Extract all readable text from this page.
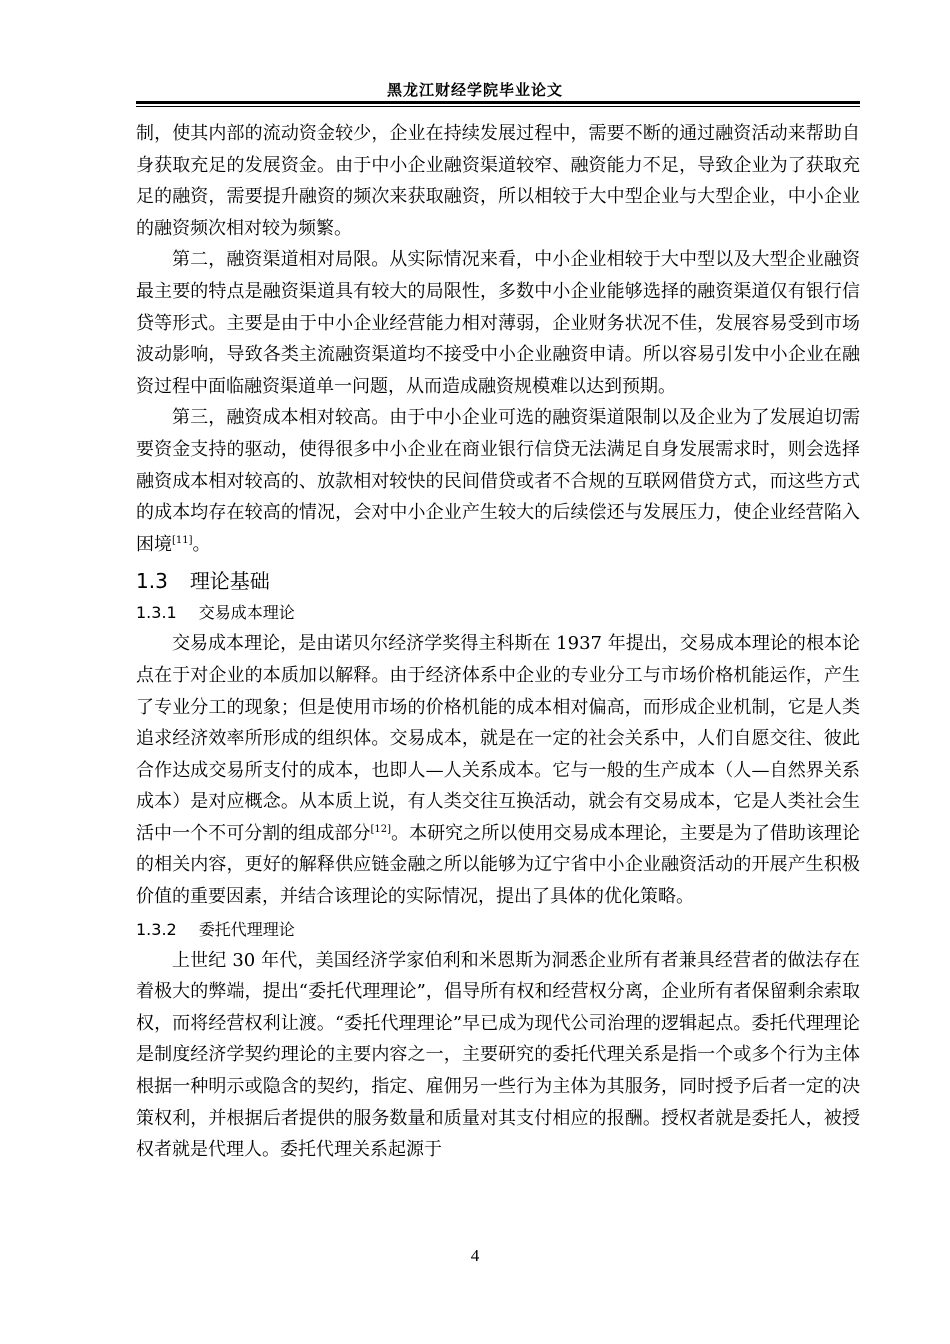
黑龙江财经学院毕业论文

制，使其内部的流动资金较少，企业在持续发展过程中，需要不断的通过融资活动来帮助自身获取充足的发展资金。由于中小企业融资渠道较窄、融资能力不足，导致企业为了获取充足的融资，需要提升融资的频次来获取融资，所以相较于大中型企业与大型企业，中小企业的融资频次相对较为频繁。

第二，融资渠道相对局限。从实际情况来看，中小企业相较于大中型以及大型企业融资最主要的特点是融资渠道具有较大的局限性，多数中小企业能够选择的融资渠道仅有银行信贷等形式。主要是由于中小企业经营能力相对薄弱，企业财务状况不佳，发展容易受到市场波动影响，导致各类主流融资渠道均不接受中小企业融资申请。所以容易引发中小企业在融资过程中面临融资渠道单一问题，从而造成融资规模难以达到预期。

第三，融资成本相对较高。由于中小企业可选的融资渠道限制以及企业为了发展迫切需要资金支持的驱动，使得很多中小企业在商业银行信贷无法满足自身发展需求时，则会选择融资成本相对较高的、放款相对较快的民间借贷或者不合规的互联网借贷方式，而这些方式的成本均存在较高的情况，会对中小企业产生较大的后续偿还与发展压力，使企业经营陷入困境[11]。

1.3 理论基础
1.3.1 交易成本理论

交易成本理论，是由诺贝尔经济学奖得主科斯在 1937 年提出，交易成本理论的根本论点在于对企业的本质加以解释。由于经济体系中企业的专业分工与市场价格机能运作，产生了专业分工的现象；但是使用市场的价格机能的成本相对偏高，而形成企业机制，它是人类追求经济效率所形成的组织体。交易成本，就是在一定的社会关系中，人们自愿交往、彼此合作达成交易所支付的成本，也即人—人关系成本。它与一般的生产成本（人—自然界关系成本）是对应概念。从本质上说，有人类交往互换活动，就会有交易成本，它是人类社会生活中一个不可分割的组成部分[12]。本研究之所以使用交易成本理论，主要是为了借助该理论的相关内容，更好的解释供应链金融之所以能够为辽宁省中小企业融资活动的开展产生积极价值的重要因素，并结合该理论的实际情况，提出了具体的优化策略。

1.3.2 委托代理理论

上世纪 30 年代，美国经济学家伯利和米恩斯为洞悉企业所有者兼具经营者的做法存在着极大的弊端，提出“委托代理理论”，倡导所有权和经营权分离，企业所有者保留剩余索取权，而将经营权利让渡。“委托代理理论”早已成为现代公司治理的逻辑起点。委托代理理论是制度经济学契约理论的主要内容之一，主要研究的委托代理关系是指一个或多个行为主体根据一种明示或隐含的契约，指定、雇佣另一些行为主体为其服务，同时授予后者一定的决策权利，并根据后者提供的服务数量和质量对其支付相应的报酬。授权者就是委托人，被授权者就是代理人。委托代理关系起源于

4
